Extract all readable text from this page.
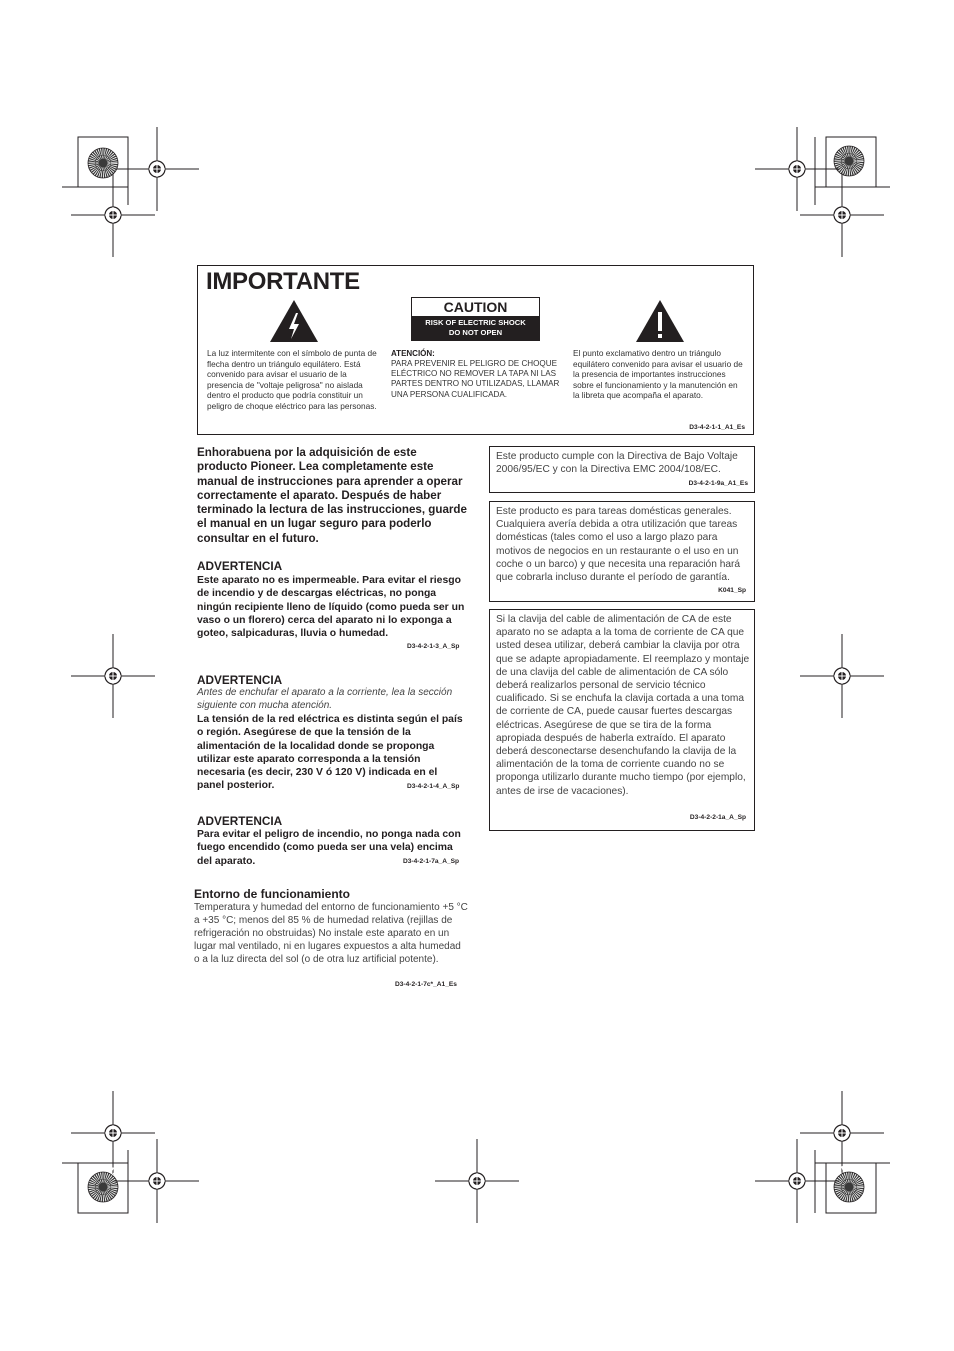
IMPORTANTE
La luz intermitente con el símbolo de punta de flecha dentro un triángulo equilátero. Está convenido para avisar el usuario de la presencia de "voltaje peligrosa" no aislada dentro el producto que podría constituir un peligro de choque eléctrico para las personas.
CAUTION
RISK OF ELECTRIC SHOCK
DO NOT OPEN
ATENCIÓN:
PARA PREVENIR EL PELIGRO DE CHOQUE ELÉCTRICO NO REMOVER LA TAPA NI LAS PARTES DENTRO NO UTILIZADAS, LLAMAR UNA PERSONA CUALIFICADA.
El punto exclamativo dentro un triángulo equilátero convenido para avisar el usuario de la presencia de importantes instrucciones sobre el funcionamiento y la manutención en la libreta que acompaña el aparato.
D3-4-2-1-1_A1_Es
Enhorabuena por la adquisición de este producto Pioneer. Lea completamente este manual de instrucciones para aprender a operar correctamente el aparato. Después de haber terminado la lectura de las instrucciones, guarde el manual en un lugar seguro para poderlo consultar en el futuro.
ADVERTENCIA
Este aparato no es impermeable. Para evitar el riesgo de incendio y de descargas eléctricas, no ponga ningún recipiente lleno de líquido (como pueda ser un vaso o un florero) cerca del aparato ni lo exponga a goteo, salpicaduras, lluvia o humedad.
D3-4-2-1-3_A_Sp
ADVERTENCIA
Antes de enchufar el aparato a la corriente, lea la sección siguiente con mucha atención.
La tensión de la red eléctrica es distinta según el país o región. Asegúrese de que la tensión de la alimentación de la localidad donde se proponga utilizar este aparato corresponda a la tensión necesaria (es decir, 230 V ó 120 V) indicada en el panel posterior.	D3-4-2-1-4_A_Sp
ADVERTENCIA
Para evitar el peligro de incendio, no ponga nada con fuego encendido (como pueda ser una vela) encima del aparato.	D3-4-2-1-7a_A_Sp
Entorno de funcionamiento
Temperatura y humedad del entorno de funcionamiento +5 °C a +35 °C; menos del 85 % de humedad relativa (rejillas de refrigeración no obstruidas) No instale este aparato en un lugar mal ventilado, ni en lugares expuestos a alta humedad o a la luz directa del sol (o de otra luz artificial potente).
D3-4-2-1-7c*_A1_Es
Este producto cumple con la Directiva de Bajo Voltaje 2006/95/EC y con la Directiva EMC 2004/108/EC.
D3-4-2-1-9a_A1_Es
Este producto es para tareas domésticas generales. Cualquiera avería debida a otra utilización que tareas domésticas (tales como el uso a largo plazo para motivos de negocios en un restaurante o el uso en un coche o un barco) y que necesita una reparación hará que cobrarla incluso durante el período de garantía.
K041_Sp
Si la clavija del cable de alimentación de CA de este aparato no se adapta a la toma de corriente de CA que usted desea utilizar, deberá cambiar la clavija por otra que se adapte apropiadamente. El reemplazo y montaje de una clavija del cable de alimentación de CA sólo deberá realizarlos personal de servicio técnico cualificado. Si se enchufa la clavija cortada a una toma de corriente de CA, puede causar fuertes descargas eléctricas. Asegúrese de que se tira de la forma apropiada después de haberla extraído. El aparato deberá desconectarse desenchufando la clavija de la alimentación de la toma de corriente cuando no se proponga utilizarlo durante mucho tiempo (por ejemplo, antes de irse de vacaciones).
D3-4-2-2-1a_A_Sp
